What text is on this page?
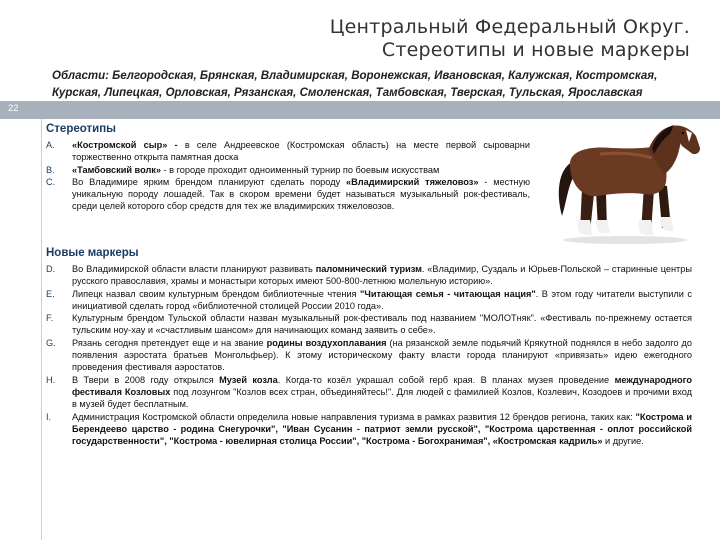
Центральный Федеральный Округ.
Стереотипы и новые маркеры
Области: Белгородская, Брянская, Владимирская, Воронежская, Ивановская, Калужская, Костромская, Курская, Липецкая, Орловская, Рязанская, Смоленская, Тамбовская, Тверская, Тульская, Ярославская
22
Стереотипы
A. «Костромской сыр» - в селе Андреевское (Костромская область) на месте первой сыроварни торжественно открыта памятная доска
B. «Тамбовский волк» - в городе проходит одноименный турнир по боевым искусствам
C. Во Владимире ярким брендом планируют сделать породу «Владимирский тяжеловоз» - местную уникальную породу лошадей. Так в скором времени будет называться музыкальный рок-фестиваль, среди целей которого сбор средств для тех же владимирских тяжеловозов.
Новые маркеры
D. Во Владимирской области власти планируют развивать паломнический туризм. «Владимир, Суздаль и Юрьев-Польской – старинные центры русского православия, храмы и монастыри которых имеют 500-800-летнюю молельную историю».
E. Липецк назвал своим культурным брендом библиотечные чтения "Читающая семья - читающая нация". В этом году читатели выступили с инициативой сделать город «библиотечной столицей России 2010 года».
F. Культурным брендом Тульской области назван музыкальный рок-фестиваль под названием "МОЛОТняк". «Фестиваль по-прежнему остается тульским ноу-хау и «счастливым шансом» для начинающих команд заявить о себе».
G. Рязань сегодня претендует еще и на звание родины воздухоплавания (на рязанской земле подьячий Крякутной поднялся в небо задолго до появления аэростата братьев Монгольфьер). К этому историческому факту власти города планируют «привязать» идею ежегодного проведения фестиваля аэростатов.
H. В Твери в 2008 году открылся Музей козла. Когда-то козёл украшал собой герб края. В планах музея проведение международного фестиваля Козловых под лозунгом "Козлов всех стран, объединяйтесь!". Для людей с фамилией Козлов, Козлевич, Козодоев и прочими вход в музей будет бесплатным.
I. Администрация Костромской области определила новые направления туризма в рамках развития 12 брендов региона, таких как: "Кострома и Берендеево царство - родина Снегурочки", "Иван Сусанин - патриот земли русской", "Кострома царственная - оплот российской государственности", "Кострома - ювелирная столица России", "Кострома - Богохранимая", «Костромская кадриль» и другие.
